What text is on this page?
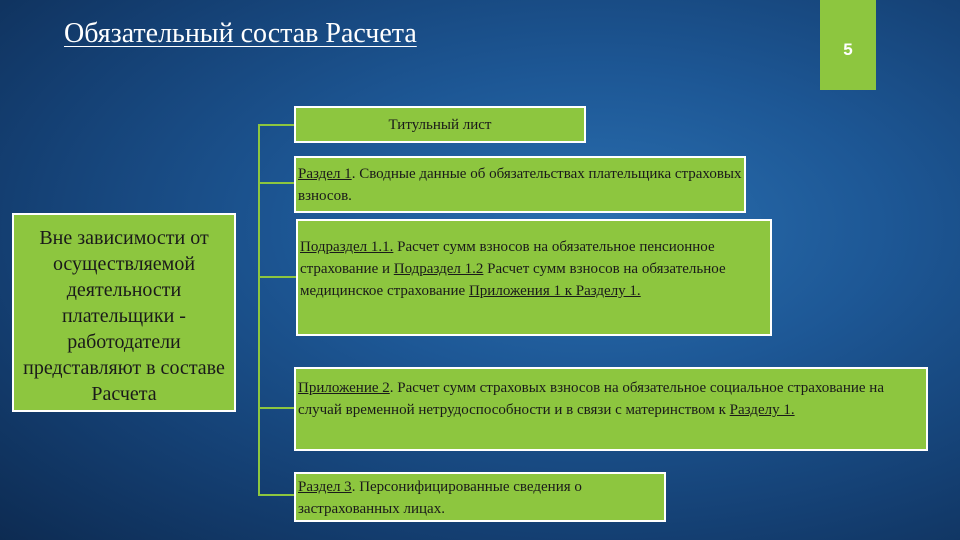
Обязательный состав Расчета
5
Вне зависимости от осуществляемой деятельности плательщики - работодатели представляют в составе Расчета
Титульный лист
Раздел 1. Сводные данные об обязательствах плательщика страховых взносов.
Подраздел 1.1. Расчет сумм взносов на обязательное пенсионное страхование и Подраздел 1.2 Расчет сумм взносов на обязательное медицинское страхование Приложения 1 к Разделу 1.
Приложение 2. Расчет сумм страховых взносов на обязательное социальное страхование на случай временной нетрудоспособности и в связи с материнством к Разделу 1.
Раздел 3. Персонифицированные сведения о застрахованных лицах.
